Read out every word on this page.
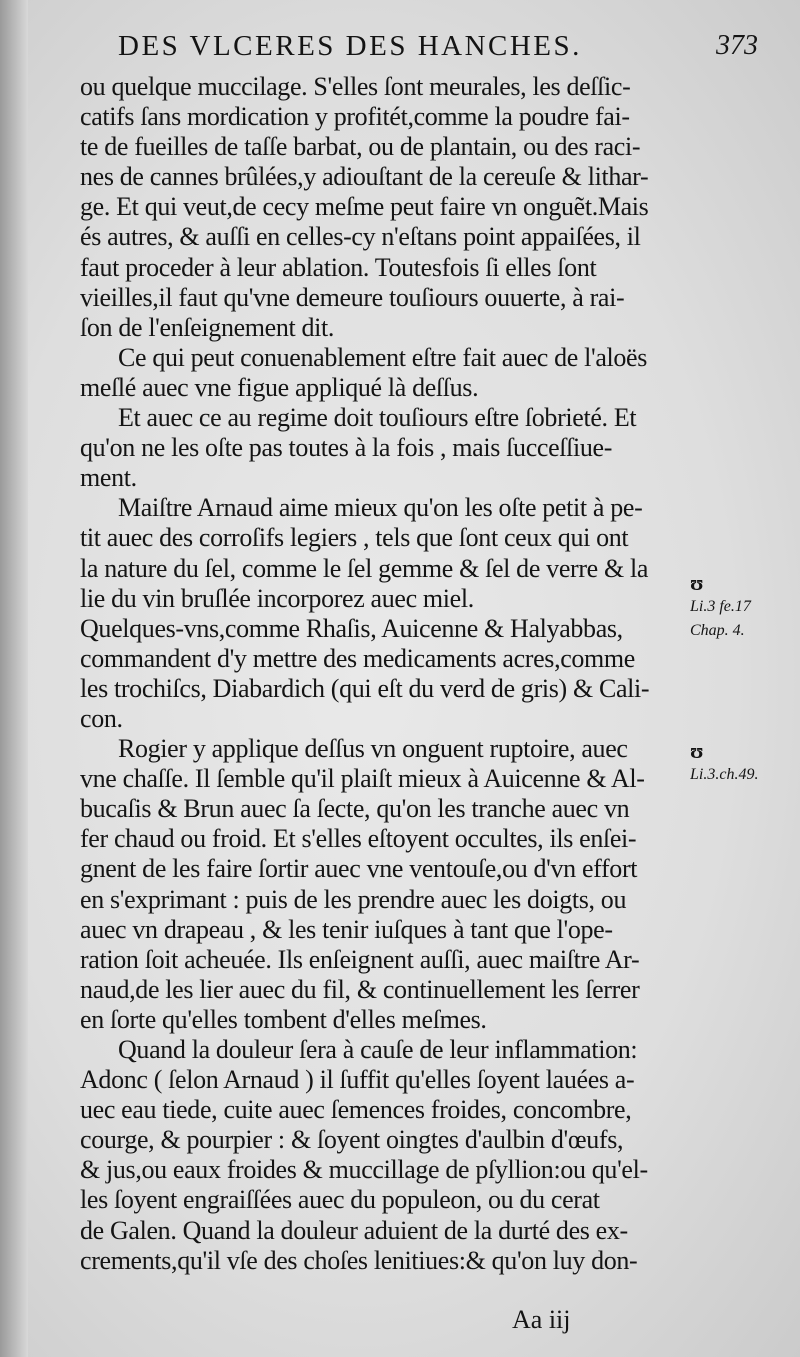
DES VLCERES DES HANCHES.	373
ou quelque muccilage. S'elles ſont meurales, les deſſic-
catifs ſans mordication y profitét,comme la poudre fai-
te de fueilles de taſſe barbat, ou de plantain, ou des raci-
nes de cannes brûlées,y adiouſtant de la cereuſe & lithar-
ge. Et qui veut,de cecy meſme peut faire vn onguẽt.Mais
és autres, & auſſi en celles-cy n'eſtans point appaiſées, il
faut proceder à leur ablation. Toutesfois ſi elles ſont
vieilles,il faut qu'vne demeure touſiours ouuerte, à rai-
ſon de l'enſeignement dit.
Ce qui peut conuenablement eſtre fait auec de l'aloës
meſlé auec vne figue appliqué là deſſus.
Et auec ce au regime doit touſiours eſtre ſobrieté. Et
qu'on ne les oſte pas toutes à la fois , mais ſucceſſiue-
ment.
Maiſtre Arnaud aime mieux qu'on les oſte petit à pe-
tit auec des corroſifs legiers , tels que ſont ceux qui ont
la nature du ſel, comme le ſel gemme & ſel de verre & la
lie du vin bruſlée incorporez auec miel.
Quelques-vns,comme Rhaſis, Auicenne & Halyabbas,
commandent d'y mettre des medicaments acres,comme
les trochiſcs, Diabardich (qui eſt du verd de gris) & Cali-
con.
Rogier y applique deſſus vn onguent ruptoire, auec
vne chaſſe. Il ſemble qu'il plaiſt mieux à Auicenne & Al-
bucaſis & Brun auec ſa ſecte, qu'on les tranche auec vn
fer chaud ou froid. Et s'elles eſtoyent occultes, ils enſei-
gnent de les faire ſortir auec vne ventouſe,ou d'vn effort
en s'exprimant : puis de les prendre auec les doigts, ou
auec vn drapeau , & les tenir iuſques à tant que l'ope-
ration ſoit acheuée. Ils enſeignent auſſi, auec maiſtre Ar-
naud,de les lier auec du fil, & continuellement les ſerrer
en ſorte qu'elles tombent d'elles meſmes.
Quand la douleur ſera à cauſe de leur inflammation:
Adonc ( ſelon Arnaud ) il ſuffit qu'elles ſoyent lauées a-
uec eau tiede, cuite auec ſemences froides, concombre,
courge, & pourpier : & ſoyent oingtes d'aulbin d'œufs,
& jus,ou eaux froides & muccillage de pſyllion:ou qu'el-
les ſoyent engraiſſées auec du populeon, ou du cerat
de Galen. Quand la douleur aduient de la durté des ex-
crements,qu'il vſe des choſes lenitiues:& qu'on luy don-
ʊ
Li.3 fe.17
Chap. 4.
ʊ
Li.3.ch.49.
Aa iij
